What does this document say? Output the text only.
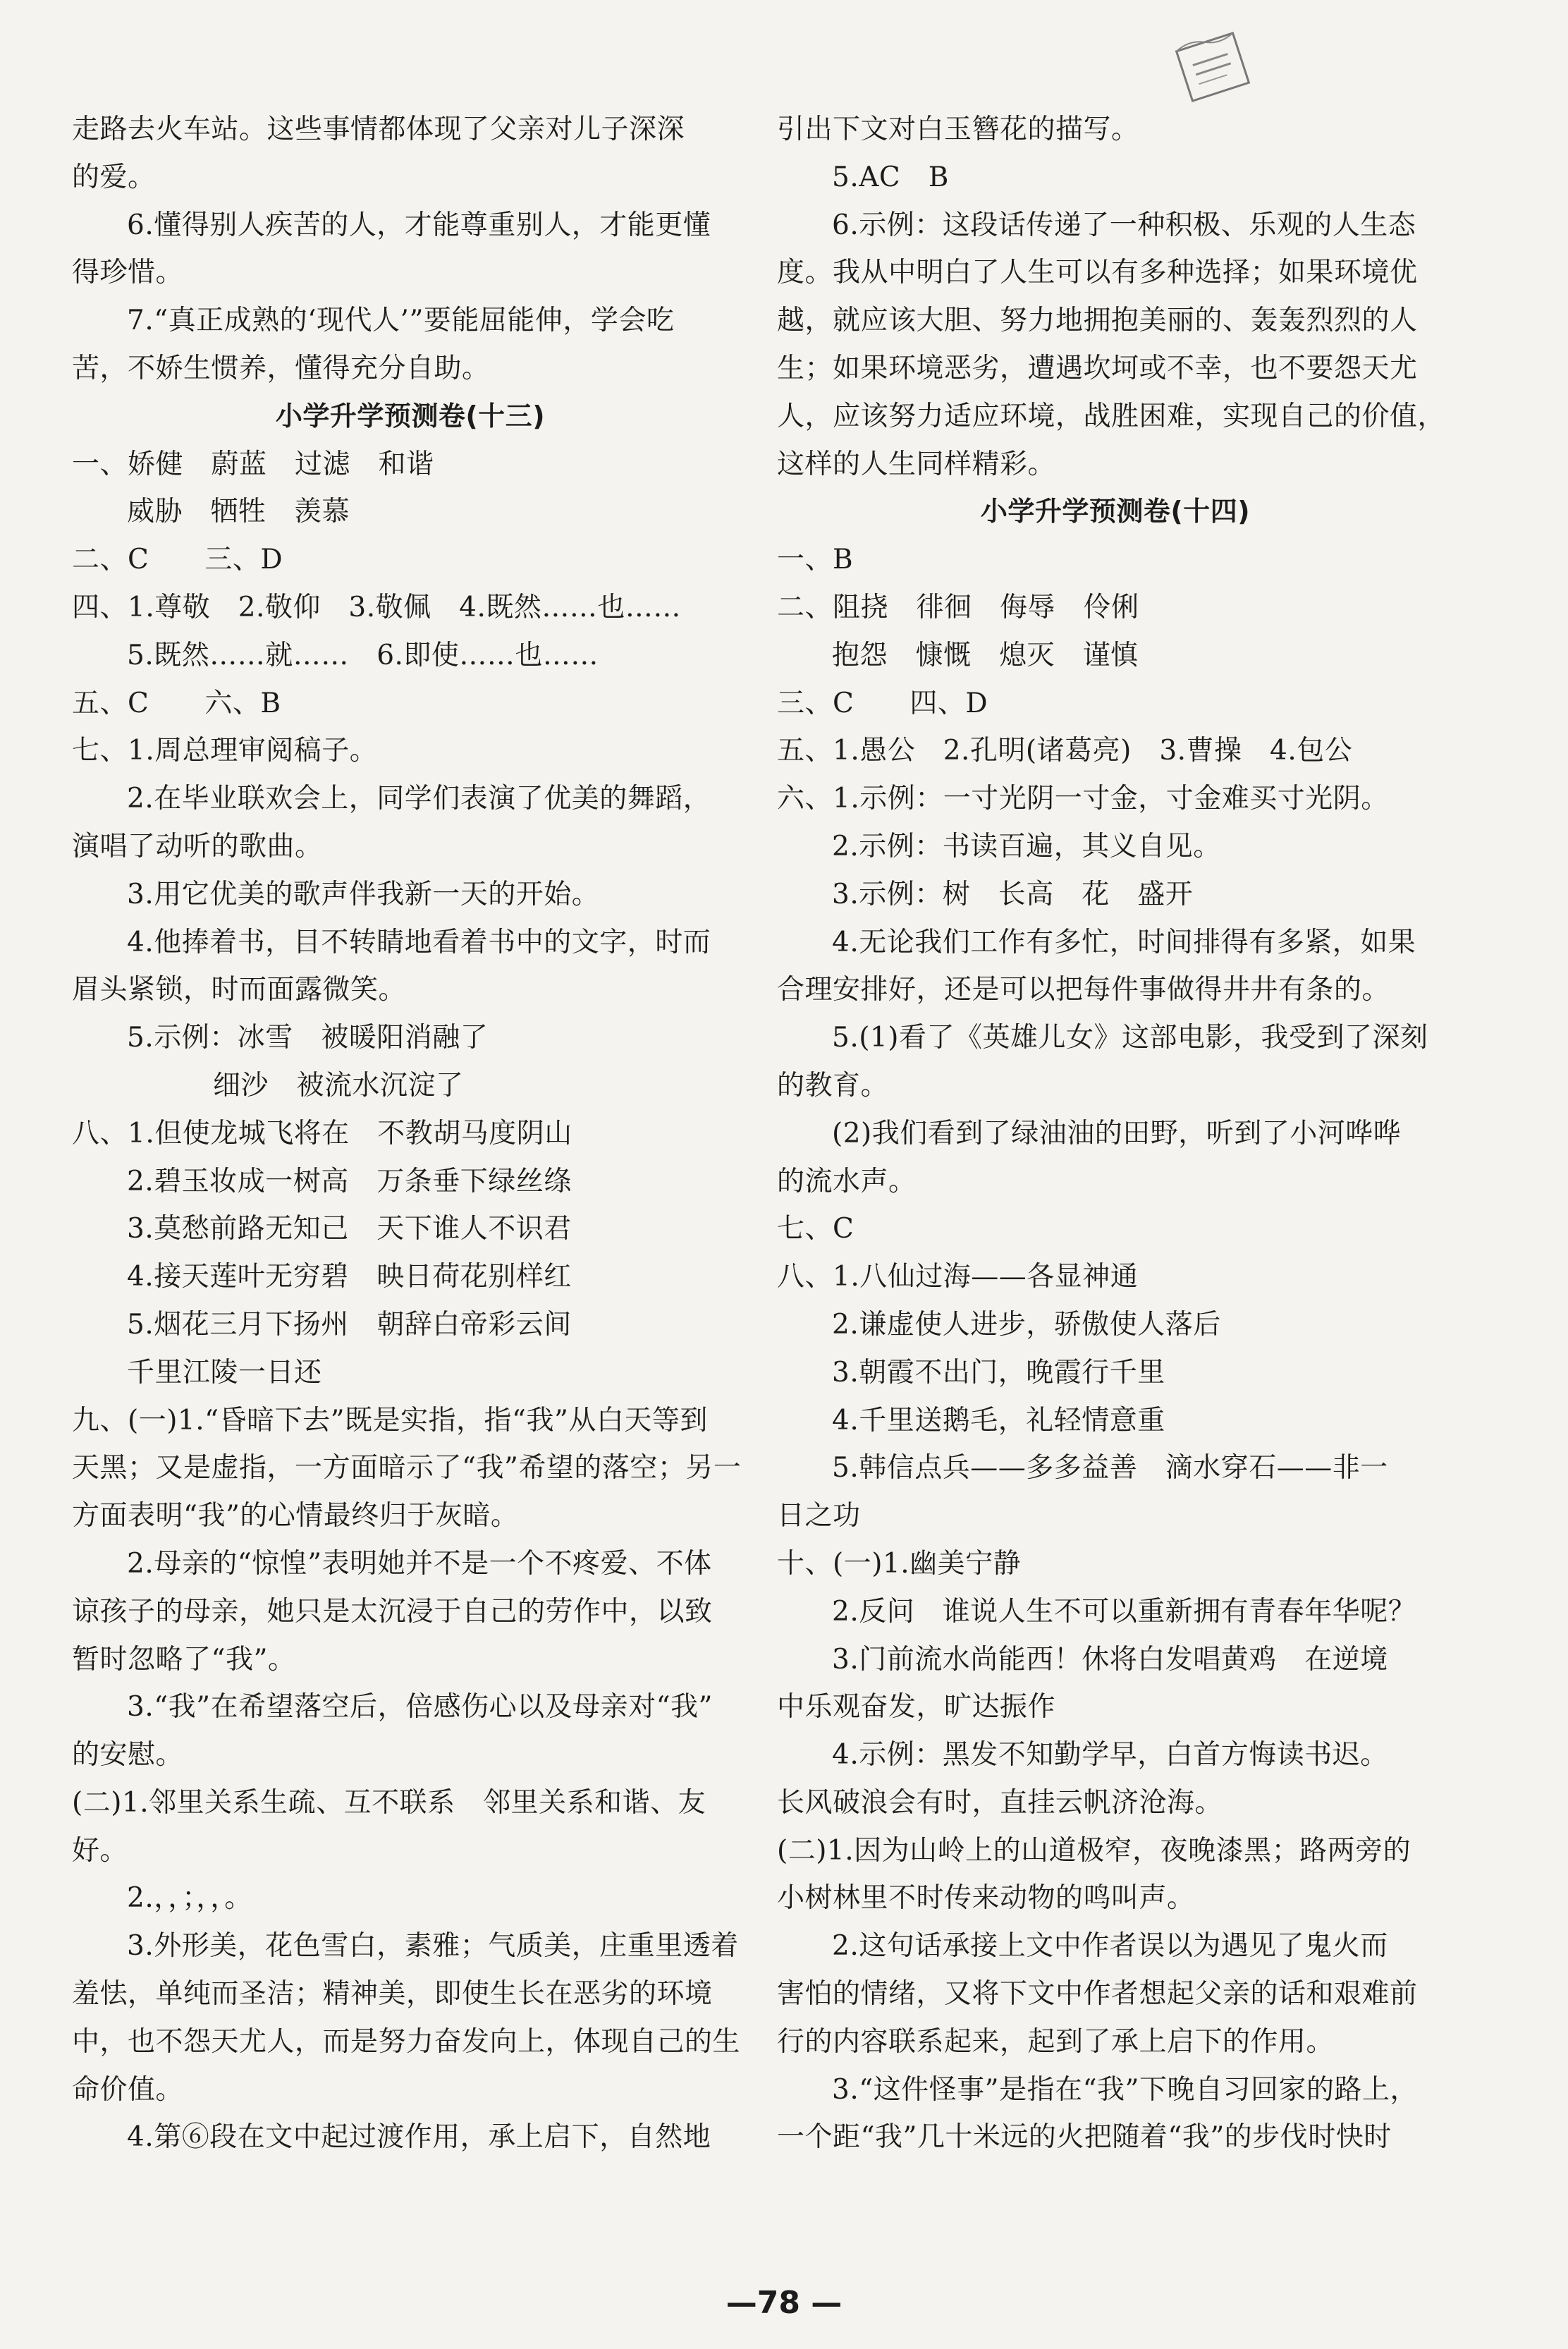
走路去火车站。这些事情都体现了父亲对儿子深深
的爱。
6.懂得别人疾苦的人，才能尊重别人，才能更懂
得珍惜。
7.“真正成熟的‘现代人’”要能屈能伸，学会吃
苦，不娇生惯养，懂得充分自助。
小学升学预测卷(十三)
一、娇健　蔚蓝　过滤　和谐
威胁　牺牲　羡慕
二、C　　三、D
四、1.尊敬　2.敬仰　3.敬佩　4.既然……也……
5.既然……就……　6.即使……也……
五、C　　六、B
七、1.周总理审阅稿子。
2.在毕业联欢会上，同学们表演了优美的舞蹈，
演唱了动听的歌曲。
3.用它优美的歌声伴我新一天的开始。
4.他捧着书，目不转睛地看着书中的文字，时而
眉头紧锁，时而面露微笑。
5.示例：冰雪　被暖阳消融了
细沙　被流水沉淀了
八、1.但使龙城飞将在　不教胡马度阴山
2.碧玉妆成一树高　万条垂下绿丝绦
3.莫愁前路无知己　天下谁人不识君
4.接天莲叶无穷碧　映日荷花别样红
5.烟花三月下扬州　朝辞白帝彩云间
千里江陵一日还
九、(一)1.“昏暗下去”既是实指，指“我”从白天等到
天黑；又是虚指，一方面暗示了“我”希望的落空；另一
方面表明“我”的心情最终归于灰暗。
2.母亲的“惊惶”表明她并不是一个不疼爱、不体
谅孩子的母亲，她只是太沉浸于自己的劳作中，以致
暂时忽略了“我”。
3.“我”在希望落空后，倍感伤心以及母亲对“我”
的安慰。
(二)1.邻里关系生疏、互不联系　邻里关系和谐、友
好。
2.，，；，，。
3.外形美，花色雪白，素雅；气质美，庄重里透着
羞怯，单纯而圣洁；精神美，即使生长在恶劣的环境
中，也不怨天尤人，而是努力奋发向上，体现自己的生
命价值。
4.第⑥段在文中起过渡作用，承上启下，自然地
引出下文对白玉簪花的描写。
5.AC　B
6.示例：这段话传递了一种积极、乐观的人生态
度。我从中明白了人生可以有多种选择；如果环境优
越，就应该大胆、努力地拥抱美丽的、轰轰烈烈的人
生；如果环境恶劣，遭遇坎坷或不幸，也不要怨天尤
人，应该努力适应环境，战胜困难，实现自己的价值，
这样的人生同样精彩。
小学升学预测卷(十四)
一、B
二、阻挠　徘徊　侮辱　伶俐
抱怨　慷慨　熄灭　谨慎
三、C　　四、D
五、1.愚公　2.孔明(诸葛亮)　3.曹操　4.包公
六、1.示例：一寸光阴一寸金，寸金难买寸光阴。
2.示例：书读百遍，其义自见。
3.示例：树　长高　花　盛开
4.无论我们工作有多忙，时间排得有多紧，如果
合理安排好，还是可以把每件事做得井井有条的。
5.(1)看了《英雄儿女》这部电影，我受到了深刻
的教育。
(2)我们看到了绿油油的田野，听到了小河哗哗
的流水声。
七、C
八、1.八仙过海——各显神通
2.谦虚使人进步，骄傲使人落后
3.朝霞不出门，晚霞行千里
4.千里送鹅毛，礼轻情意重
5.韩信点兵——多多益善　滴水穿石——非一
日之功
十、(一)1.幽美宁静
2.反问　谁说人生不可以重新拥有青春年华呢？
3.门前流水尚能西！休将白发唱黄鸡　在逆境
中乐观奋发，旷达振作
4.示例：黑发不知勤学早，白首方悔读书迟。
长风破浪会有时，直挂云帆济沧海。
(二)1.因为山岭上的山道极窄，夜晚漆黑；路两旁的
小树林里不时传来动物的鸣叫声。
2.这句话承接上文中作者误以为遇见了鬼火而
害怕的情绪，又将下文中作者想起父亲的话和艰难前
行的内容联系起来，起到了承上启下的作用。
3.“这件怪事”是指在“我”下晚自习回家的路上，
一个距“我”几十米远的火把随着“我”的步伐时快时
—78 —
